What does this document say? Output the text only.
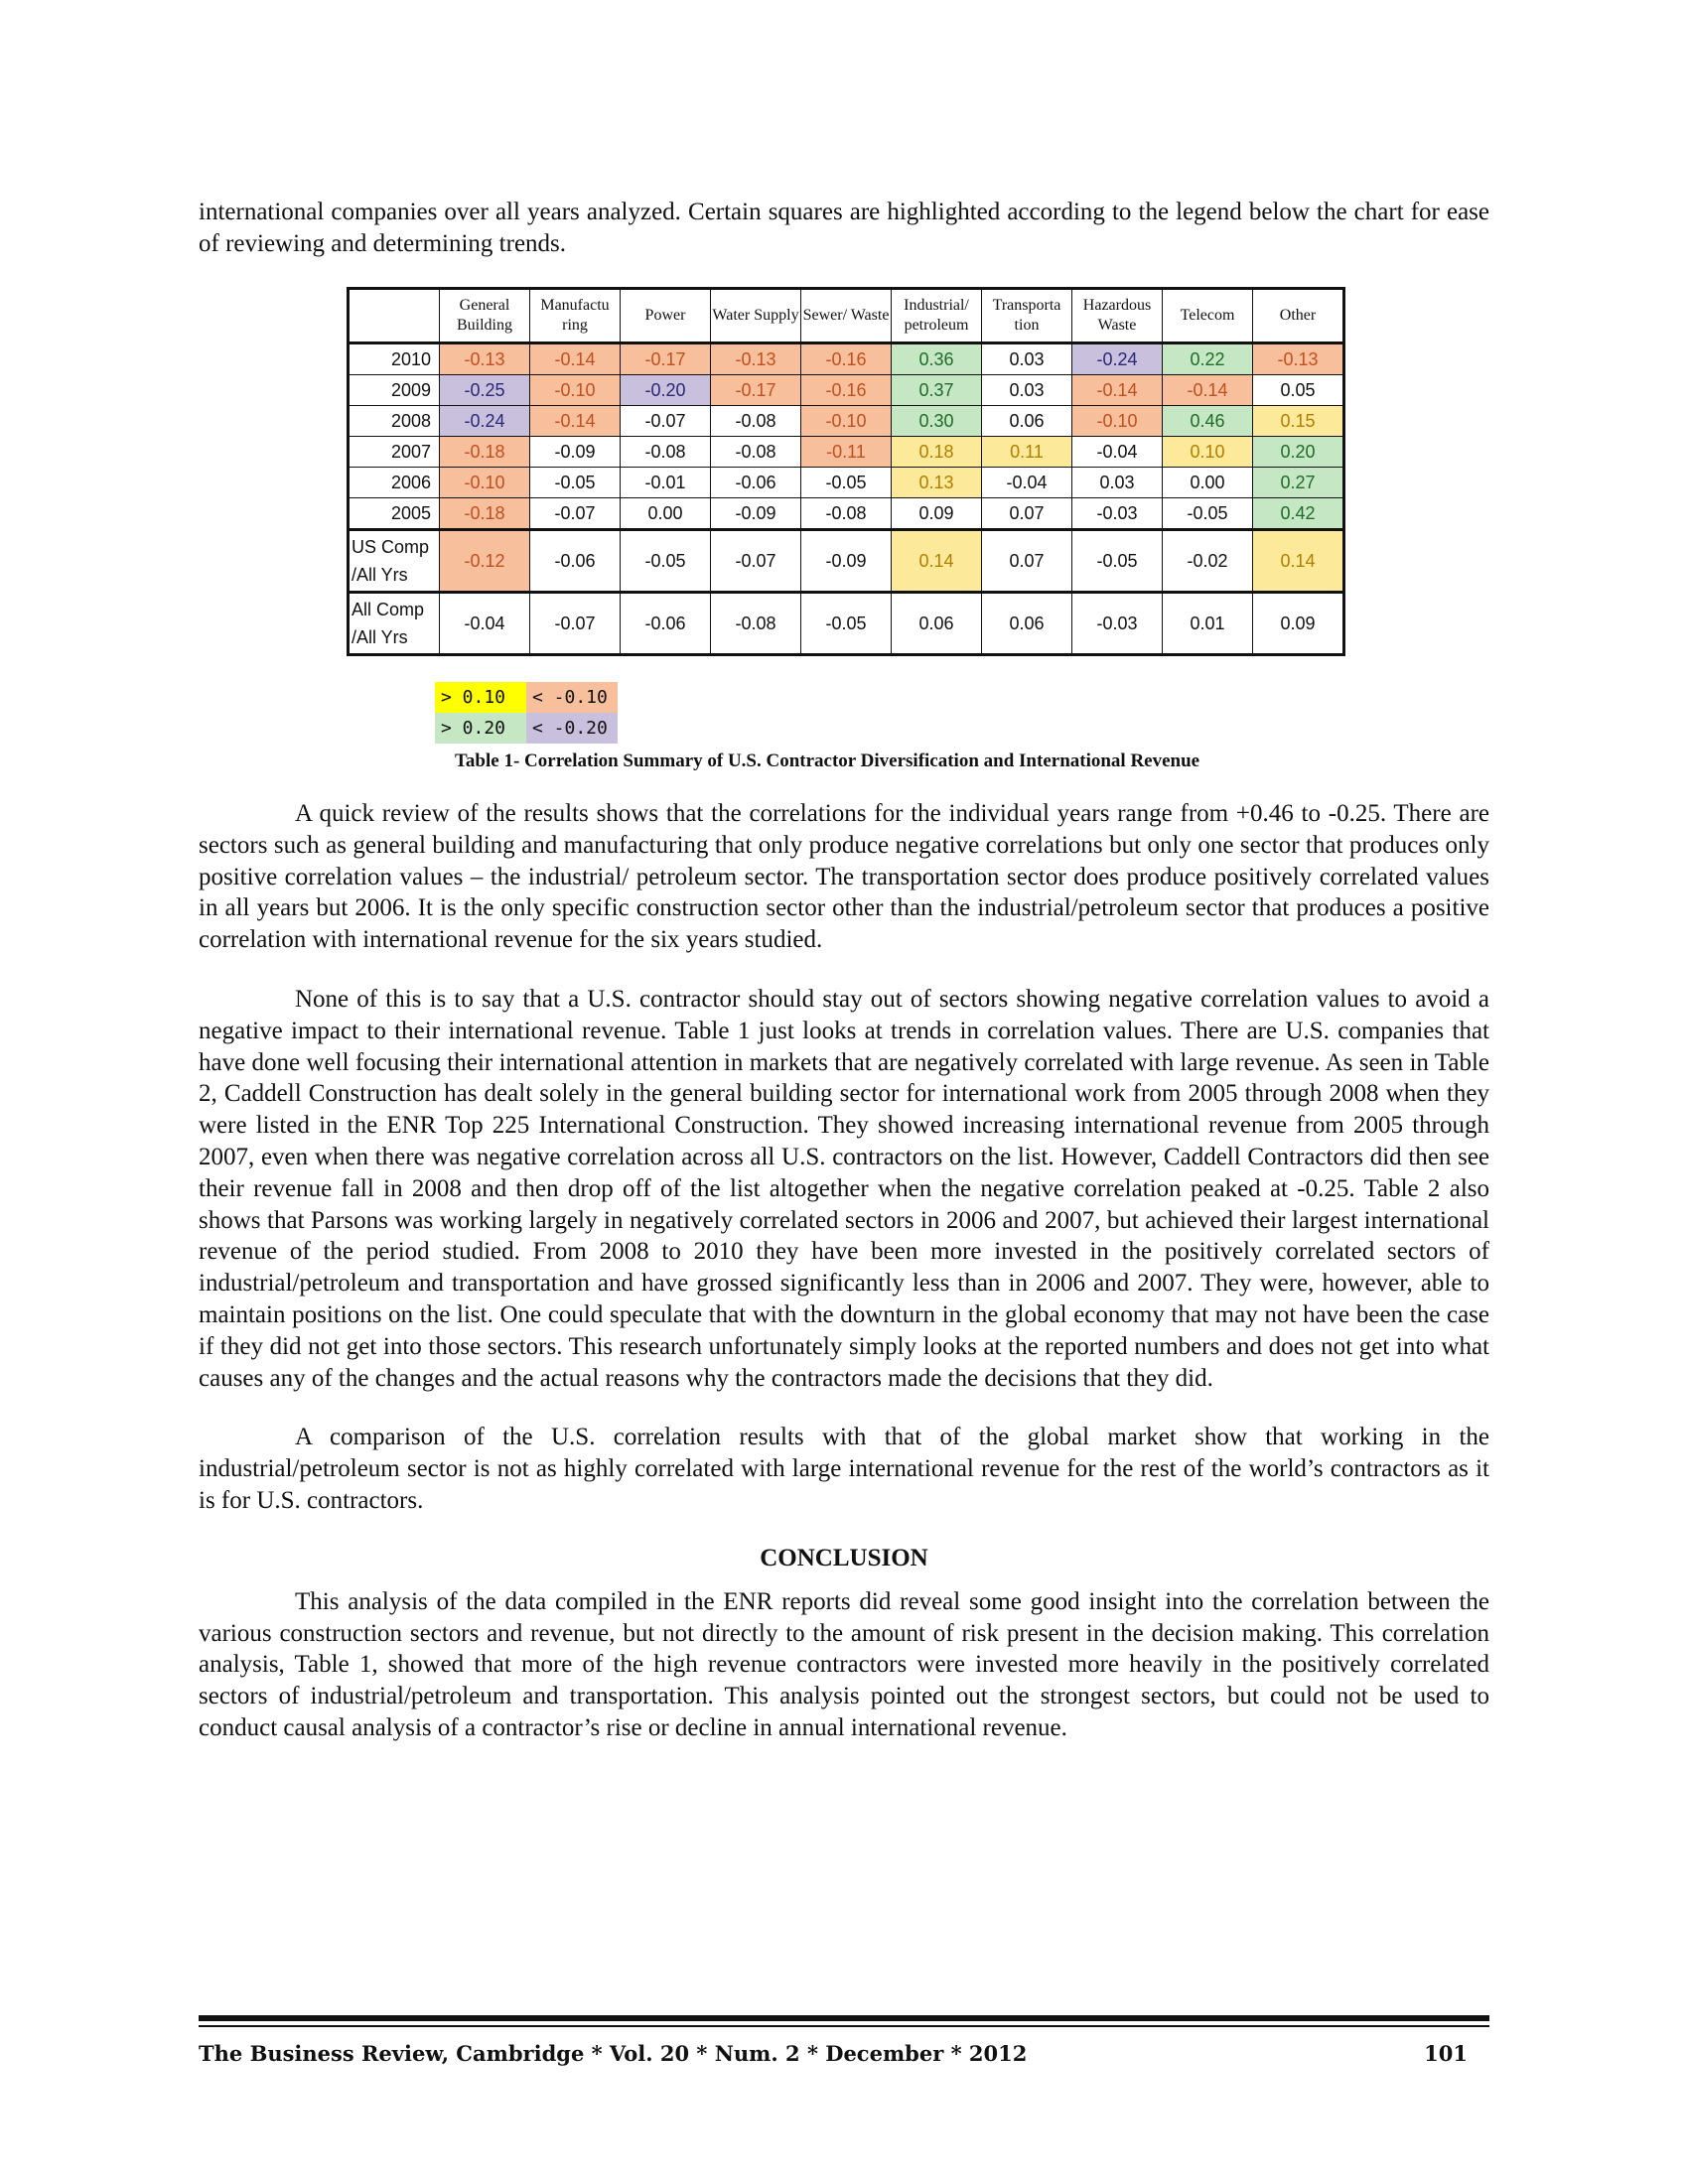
international companies over all years analyzed. Certain squares are highlighted according to the legend below the chart for ease of reviewing and determining trends.

	General Building	Manufactu ring	Power	Water Supply	Sewer/ Waste	Industrial/ petroleum	Transporta tion	Hazardous Waste	Telecom	Other
2010	-0.13	-0.14	-0.17	-0.13	-0.16	0.36	0.03	-0.24	0.22	-0.13
2009	-0.25	-0.10	-0.20	-0.17	-0.16	0.37	0.03	-0.14	-0.14	0.05
2008	-0.24	-0.14	-0.07	-0.08	-0.10	0.30	0.06	-0.10	0.46	0.15
2007	-0.18	-0.09	-0.08	-0.08	-0.11	0.18	0.11	-0.04	0.10	0.20
2006	-0.10	-0.05	-0.01	-0.06	-0.05	0.13	-0.04	0.03	0.00	0.27
2005	-0.18	-0.07	0.00	-0.09	-0.08	0.09	0.07	-0.03	-0.05	0.42

US Comp
/All Yrs	-0.12	-0.06	-0.05	-0.07	-0.09	0.14	0.07	-0.05	-0.02	0.14

All Comp
/All Yrs	-0.04	-0.07	-0.06	-0.08	-0.05	0.06	0.06	-0.03	0.01	0.09
> 0.10	< -0.10
> 0.20	< -0.20
Table 1- Correlation Summary of U.S. Contractor Diversification and International Revenue

A quick review of the results shows that the correlations for the individual years range from +0.46 to -0.25. There are sectors such as general building and manufacturing that only produce negative correlations but only one sector that produces only positive correlation values – the industrial/ petroleum sector. The transportation sector does produce positively correlated values in all years but 2006. It is the only specific construction sector other than the industrial/petroleum sector that produces a positive correlation with international revenue for the six years studied.

None of this is to say that a U.S. contractor should stay out of sectors showing negative correlation values to avoid a negative impact to their international revenue. Table 1 just looks at trends in correlation values. There are U.S. companies that have done well focusing their international attention in markets that are negatively correlated with large revenue. As seen in Table 2, Caddell Construction has dealt solely in the general building sector for international work from 2005 through 2008 when they were listed in the ENR Top 225 International Construction. They showed increasing international revenue from 2005 through 2007, even when there was negative correlation across all U.S. contractors on the list. However, Caddell Contractors did then see their revenue fall in 2008 and then drop off of the list altogether when the negative correlation peaked at -0.25. Table 2 also shows that Parsons was working largely in negatively correlated sectors in 2006 and 2007, but achieved their largest international revenue of the period studied. From 2008 to 2010 they have been more invested in the positively correlated sectors of industrial/petroleum and transportation and have grossed significantly less than in 2006 and 2007. They were, however, able to maintain positions on the list. One could speculate that with the downturn in the global economy that may not have been the case if they did not get into those sectors. This research unfortunately simply looks at the reported numbers and does not get into what causes any of the changes and the actual reasons why the contractors made the decisions that they did.

A comparison of the U.S. correlation results with that of the global market show that working in the industrial/petroleum sector is not as highly correlated with large international revenue for the rest of the world’s contractors as it is for U.S. contractors.

CONCLUSION

This analysis of the data compiled in the ENR reports did reveal some good insight into the correlation between the various construction sectors and revenue, but not directly to the amount of risk present in the decision making. This correlation analysis, Table 1, showed that more of the high revenue contractors were invested more heavily in the positively correlated sectors of industrial/petroleum and transportation. This analysis pointed out the strongest sectors, but could not be used to conduct causal analysis of a contractor’s rise or decline in annual international revenue.

The Business Review, Cambridge * Vol. 20 * Num. 2 * December * 2012	101
